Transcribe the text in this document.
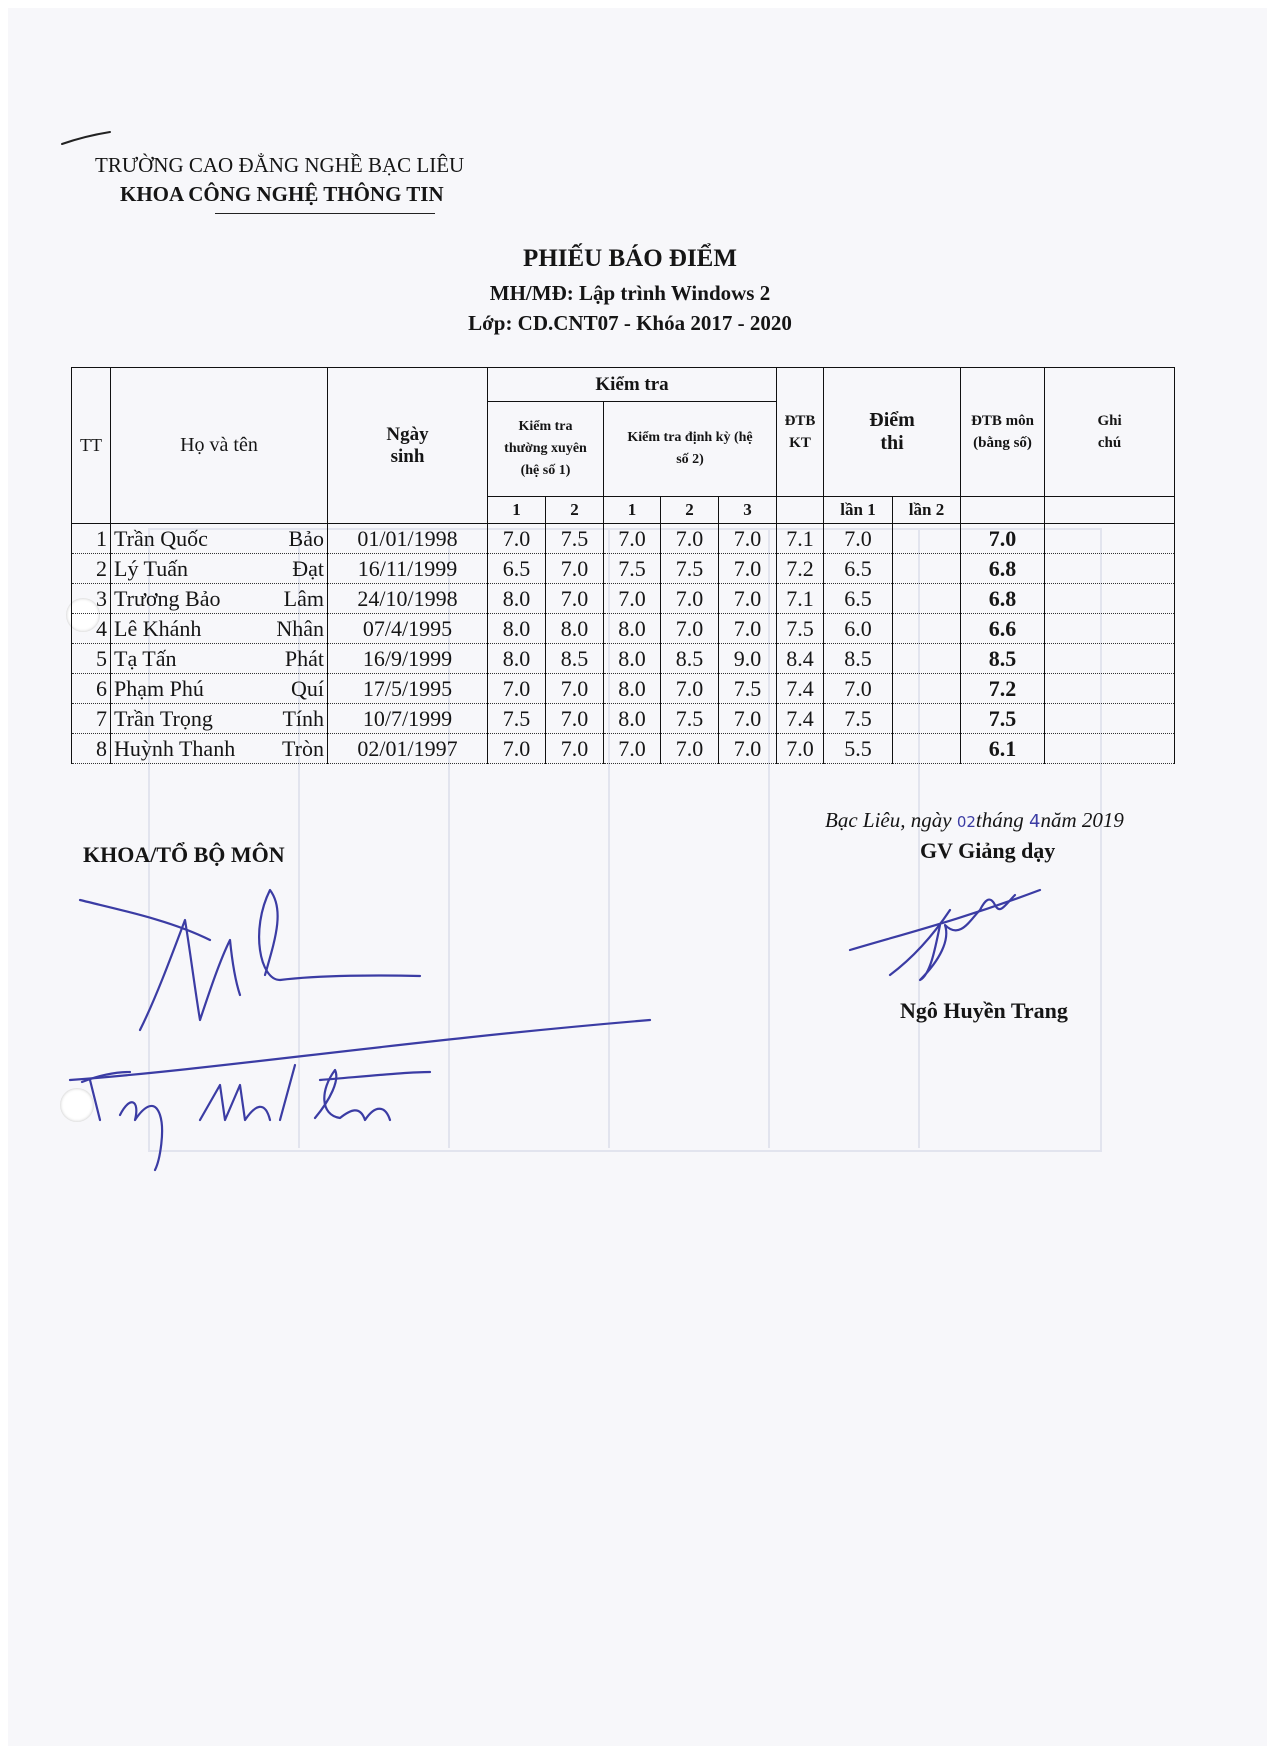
TRƯỜNG CAO ĐẲNG NGHỀ BẠC LIÊU
KHOA CÔNG NGHỆ THÔNG TIN
PHIẾU BÁO ĐIỂM
MH/MĐ: Lập trình Windows 2
Lớp: CD.CNT07 - Khóa 2017 - 2020
TT	Họ và tên	Ngày sinh	Kiểm tra					ĐTB KT	Điểm thi		ĐTB môn (bằng số)	Ghi chú
			Kiểm tra thường xuyên (hệ số 1)		Kiểm tra định kỳ (hệ số 2)							
			1	2	1	2	3		lần 1	lần 2		
1	Trần Quốc Bảo	01/01/1998	7.0	7.5	7.0	7.0	7.0	7.1	7.0		7.0	
2	Lý Tuấn Đạt	16/11/1999	6.5	7.0	7.5	7.5	7.0	7.2	6.5		6.8	
3	Trương Bảo Lâm	24/10/1998	8.0	7.0	7.0	7.0	7.0	7.1	6.5		6.8	
4	Lê Khánh Nhân	07/4/1995	8.0	8.0	8.0	7.0	7.0	7.5	6.0		6.6	
5	Tạ Tấn Phát	16/9/1999	8.0	8.5	8.0	8.5	9.0	8.4	8.5		8.5	
6	Phạm Phú Quí	17/5/1995	7.0	7.0	8.0	7.0	7.5	7.4	7.0		7.2	
7	Trần Trọng Tính	10/7/1999	7.5	7.0	8.0	7.5	7.0	7.4	7.5		7.5	
8	Huỳnh Thanh Tròn	02/01/1997	7.0	7.0	7.0	7.0	7.0	7.0	5.5		6.1	
Bạc Liêu, ngày 02tháng 4năm 2019
KHOA/TỔ BỘ MÔN	GV Giảng dạy
Ngô Huyền Trang
